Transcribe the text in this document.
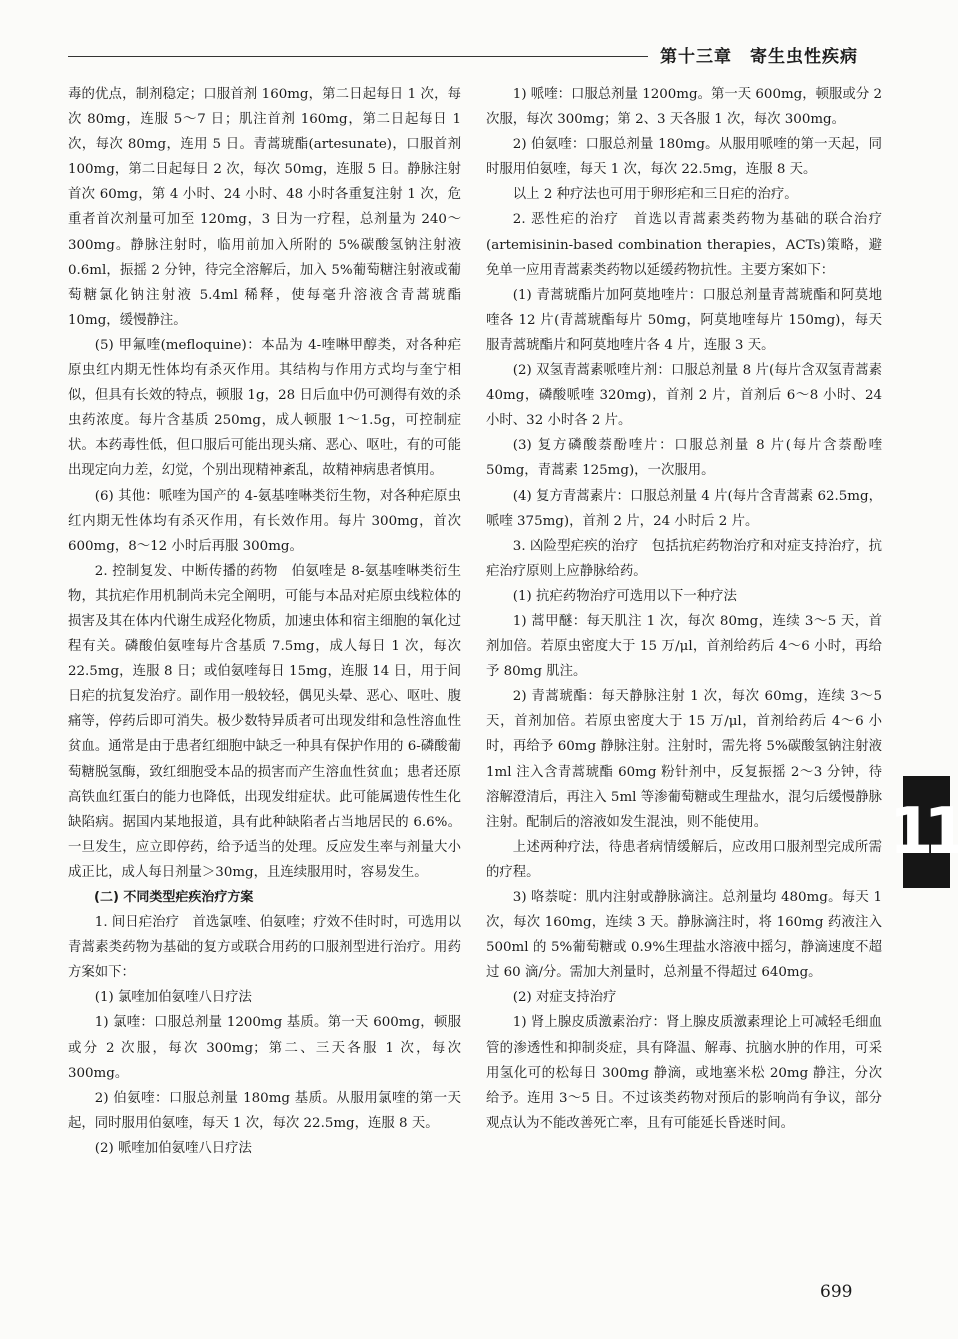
第十三章　寄生虫性疾病

毒的优点，制剂稳定；口服首剂 160mg，第二日起每日 1 次，每次 80mg，连服 5～7 日；肌注首剂 160mg，第二日起每日 1 次，每次 80mg，连用 5 日。青蒿琥酯(artesunate)，口服首剂 100mg，第二日起每日 2 次，每次 50mg，连服 5 日。静脉注射首次 60mg，第 4 小时、24 小时、48 小时各重复注射 1 次，危重者首次剂量可加至 120mg，3 日为一疗程，总剂量为 240～300mg。静脉注射时，临用前加入所附的 5%碳酸氢钠注射液 0.6ml，振摇 2 分钟，待完全溶解后，加入 5%葡萄糖注射液或葡萄糖氯化钠注射液 5.4ml 稀释，使每毫升溶液含青蒿琥酯 10mg，缓慢静注。

(5) 甲氟喹(mefloquine)：本品为 4-喹啉甲醇类，对各种疟原虫红内期无性体均有杀灭作用。其结构与作用方式均与奎宁相似，但具有长效的特点，顿服 1g，28 日后血中仍可测得有效的杀虫药浓度。每片含基质 250mg，成人顿服 1～1.5g，可控制症状。本药毒性低，但口服后可能出现头痛、恶心、呕吐，有的可能出现定向力差，幻觉，个别出现精神紊乱，故精神病患者慎用。

(6) 其他：哌喹为国产的 4-氨基喹啉类衍生物，对各种疟原虫红内期无性体均有杀灭作用，有长效作用。每片 300mg，首次 600mg，8～12 小时后再服 300mg。

2. 控制复发、中断传播的药物　伯氨喹是 8-氨基喹啉类衍生物，其抗疟作用机制尚未完全阐明，可能与本品对疟原虫线粒体的损害及其在体内代谢生成羟化物质，加速虫体和宿主细胞的氧化过程有关。磷酸伯氨喹每片含基质 7.5mg，成人每日 1 次，每次 22.5mg，连服 8 日；或伯氨喹每日 15mg，连服 14 日，用于间日疟的抗复发治疗。副作用一般较轻，偶见头晕、恶心、呕吐、腹痛等，停药后即可消失。极少数特异质者可出现发绀和急性溶血性贫血。通常是由于患者红细胞中缺乏一种具有保护作用的 6-磷酸葡萄糖脱氢酶，致红细胞受本品的损害而产生溶血性贫血；患者还原高铁血红蛋白的能力也降低，出现发绀症状。此可能属遗传性生化缺陷病。据国内某地报道，具有此种缺陷者占当地居民的 6.6%。一旦发生，应立即停药，给予适当的处理。反应发生率与剂量大小成正比，成人每日剂量＞30mg，且连续服用时，容易发生。

(二) 不同类型疟疾治疗方案

1. 间日疟治疗　首选氯喹、伯氨喹；疗效不佳时时，可选用以青蒿素类药物为基础的复方或联合用药的口服剂型进行治疗。用药方案如下：

(1) 氯喹加伯氨喹八日疗法

1) 氯喹：口服总剂量 1200mg 基质。第一天 600mg，顿服或分 2 次服，每次 300mg；第二、三天各服 1 次，每次 300mg。

2) 伯氨喹：口服总剂量 180mg 基质。从服用氯喹的第一天起，同时服用伯氨喹，每天 1 次，每次 22.5mg，连服 8 天。

(2) 哌喹加伯氨喹八日疗法

1) 哌喹：口服总剂量 1200mg。第一天 600mg，顿服或分 2 次服，每次 300mg；第 2、3 天各服 1 次，每次 300mg。

2) 伯氨喹：口服总剂量 180mg。从服用哌喹的第一天起，同时服用伯氨喹，每天 1 次，每次 22.5mg，连服 8 天。

以上 2 种疗法也可用于卵形疟和三日疟的治疗。

2. 恶性疟的治疗　首选以青蒿素类药物为基础的联合治疗(artemisinin-based combination therapies，ACTs)策略，避免单一应用青蒿素类药物以延缓药物抗性。主要方案如下：

(1) 青蒿琥酯片加阿莫地喹片：口服总剂量青蒿琥酯和阿莫地喹各 12 片(青蒿琥酯每片 50mg，阿莫地喹每片 150mg)，每天服青蒿琥酯片和阿莫地喹片各 4 片，连服 3 天。

(2) 双氢青蒿素哌喹片剂：口服总剂量 8 片(每片含双氢青蒿素 40mg，磷酸哌喹 320mg)，首剂 2 片，首剂后 6～8 小时、24 小时、32 小时各 2 片。

(3) 复方磷酸萘酚喹片：口服总剂量 8 片(每片含萘酚喹 50mg，青蒿素 125mg)，一次服用。

(4) 复方青蒿素片：口服总剂量 4 片(每片含青蒿素 62.5mg，哌喹 375mg)，首剂 2 片，24 小时后 2 片。

3. 凶险型疟疾的治疗　包括抗疟药物治疗和对症支持治疗，抗疟治疗原则上应静脉给药。

(1) 抗疟药物治疗可选用以下一种疗法

1) 蒿甲醚：每天肌注 1 次，每次 80mg，连续 3～5 天，首剂加倍。若原虫密度大于 15 万/μl，首剂给药后 4～6 小时，再给予 80mg 肌注。

2) 青蒿琥酯：每天静脉注射 1 次，每次 60mg，连续 3～5天，首剂加倍。若原虫密度大于 15 万/μl，首剂给药后 4～6 小时，再给予 60mg 静脉注射。注射时，需先将 5%碳酸氢钠注射液 1ml 注入含青蒿琥酯 60mg 粉针剂中，反复振摇 2～3 分钟，待溶解澄清后，再注入 5ml 等渗葡萄糖或生理盐水，混匀后缓慢静脉注射。配制后的溶液如发生混浊，则不能使用。

上述两种疗法，待患者病情缓解后，应改用口服剂型完成所需的疗程。

3) 咯萘啶：肌内注射或静脉滴注。总剂量均 480mg。每天 1 次，每次 160mg，连续 3 天。静脉滴注时，将 160mg 药液注入 500ml 的 5%葡萄糖或 0.9%生理盐水溶液中摇匀，静滴速度不超过 60 滴/分。需加大剂量时，总剂量不得超过 640mg。

(2) 对症支持治疗

1) 肾上腺皮质激素治疗：肾上腺皮质激素理论上可减轻毛细血管的渗透性和抑制炎症，具有降温、解毒、抗脑水肿的作用，可采用氢化可的松每日 300mg 静滴，或地塞米松 20mg 静注，分次给予。连用 3～5 日。不过该类药物对预后的影响尚有争议，部分观点认为不能改善死亡率，且有可能延长昏迷时间。

11
699
